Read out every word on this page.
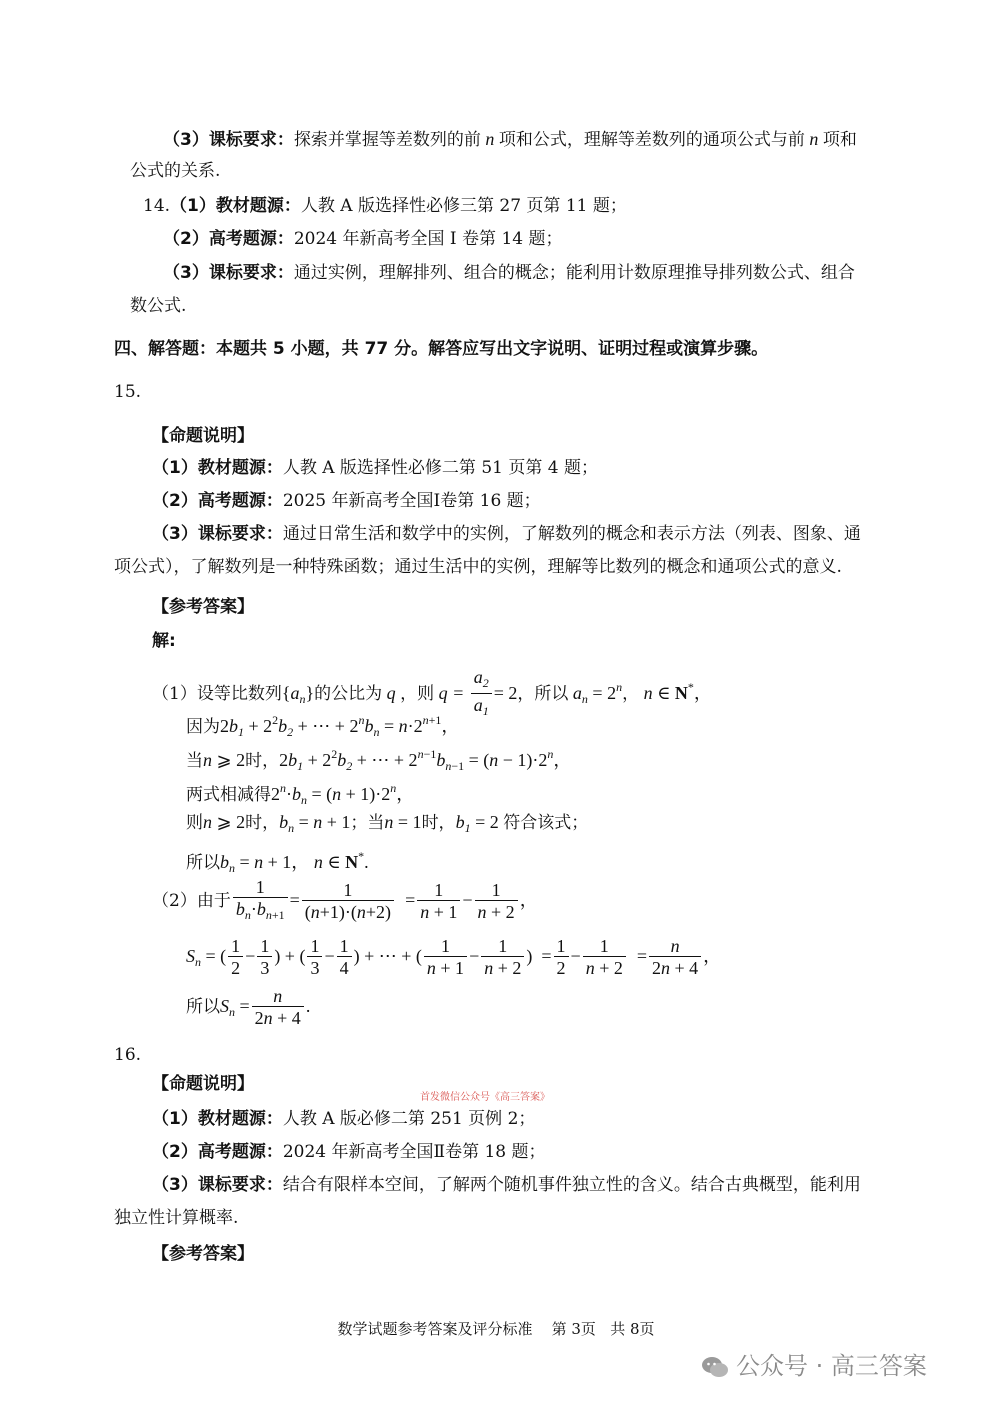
（3）课标要求：探索并掌握等差数列的前 n 项和公式，理解等差数列的通项公式与前 n 项和
公式的关系.
14.（1）教材题源：人教 A 版选择性必修三第 27 页第 11 题；
（2）高考题源：2024 年新高考全国 I 卷第 14 题；
（3）课标要求：通过实例，理解排列、组合的概念；能利用计数原理推导排列数公式、组合
数公式.
四、解答题：本题共 5 小题，共 77 分。解答应写出文字说明、证明过程或演算步骤。
15.
【命题说明】
（1）教材题源：人教 A 版选择性必修二第 51 页第 4 题；
（2）高考题源：2025 年新高考全国Ⅰ卷第 16 题；
（3）课标要求：通过日常生活和数学中的实例，了解数列的概念和表示方法（列表、图象、通
项公式），了解数列是一种特殊函数；通过生活中的实例，理解等比数列的概念和通项公式的意义.
【参考答案】
解:
（1）设等比数列$\{a_n\}$的公比为 q ，则 $q = \frac{a_2}{a_1} = 2$，所以 $a_n = 2^n$， n ∈ N*，
因为$2b_1 + 2^2b_2$ + ⋯ + $2^nb_n = n\cdot 2^{n+1}$，
当n ⩾ 2时，$2b_1 + 2^2b_2$ + ⋯ + $2^{n-1}b_{n-1} = (n - 1)\cdot 2^n$，
两式相减得$2^n\cdot b_n = (n + 1)\cdot 2^n$，
则n ⩾ 2时，$b_n = n + 1$；当n = 1时，$b_1 = 2$ 符合该式；
所以$b_n = n + 1$， n ∈ N*.
（2）由于 $\frac{1}{b_n\cdot b_{n+1}} = \frac{1}{(n+1)\cdot(n+2)} = \frac{1}{n + 1} - \frac{1}{n + 2}$ ，
$S_n$ = ( $\frac{1}{2} - \frac{1}{3}$ ) + ( $\frac{1}{3} - \frac{1}{4}$ ) + ⋯ + ( $\frac{1}{n + 1} - \frac{1}{n + 2}$ ) = $\frac{1}{2} - \frac{1}{n + 2} = \frac{n}{2n + 4}$ ，
所以$S_n = \frac{n}{2n + 4}$ .
16.
【命题说明】
首发微信公众号《高三答案》
（1）教材题源：人教 A 版必修二第 251 页例 2；
（2）高考题源：2024 年新高考全国Ⅱ卷第 18 题；
（3）课标要求：结合有限样本空间，了解两个随机事件独立性的含义。结合古典概型，能利用
独立性计算概率.
【参考答案】
数学试题参考答案及评分标准 第 3页 共 8页
公众号 · 高三答案
